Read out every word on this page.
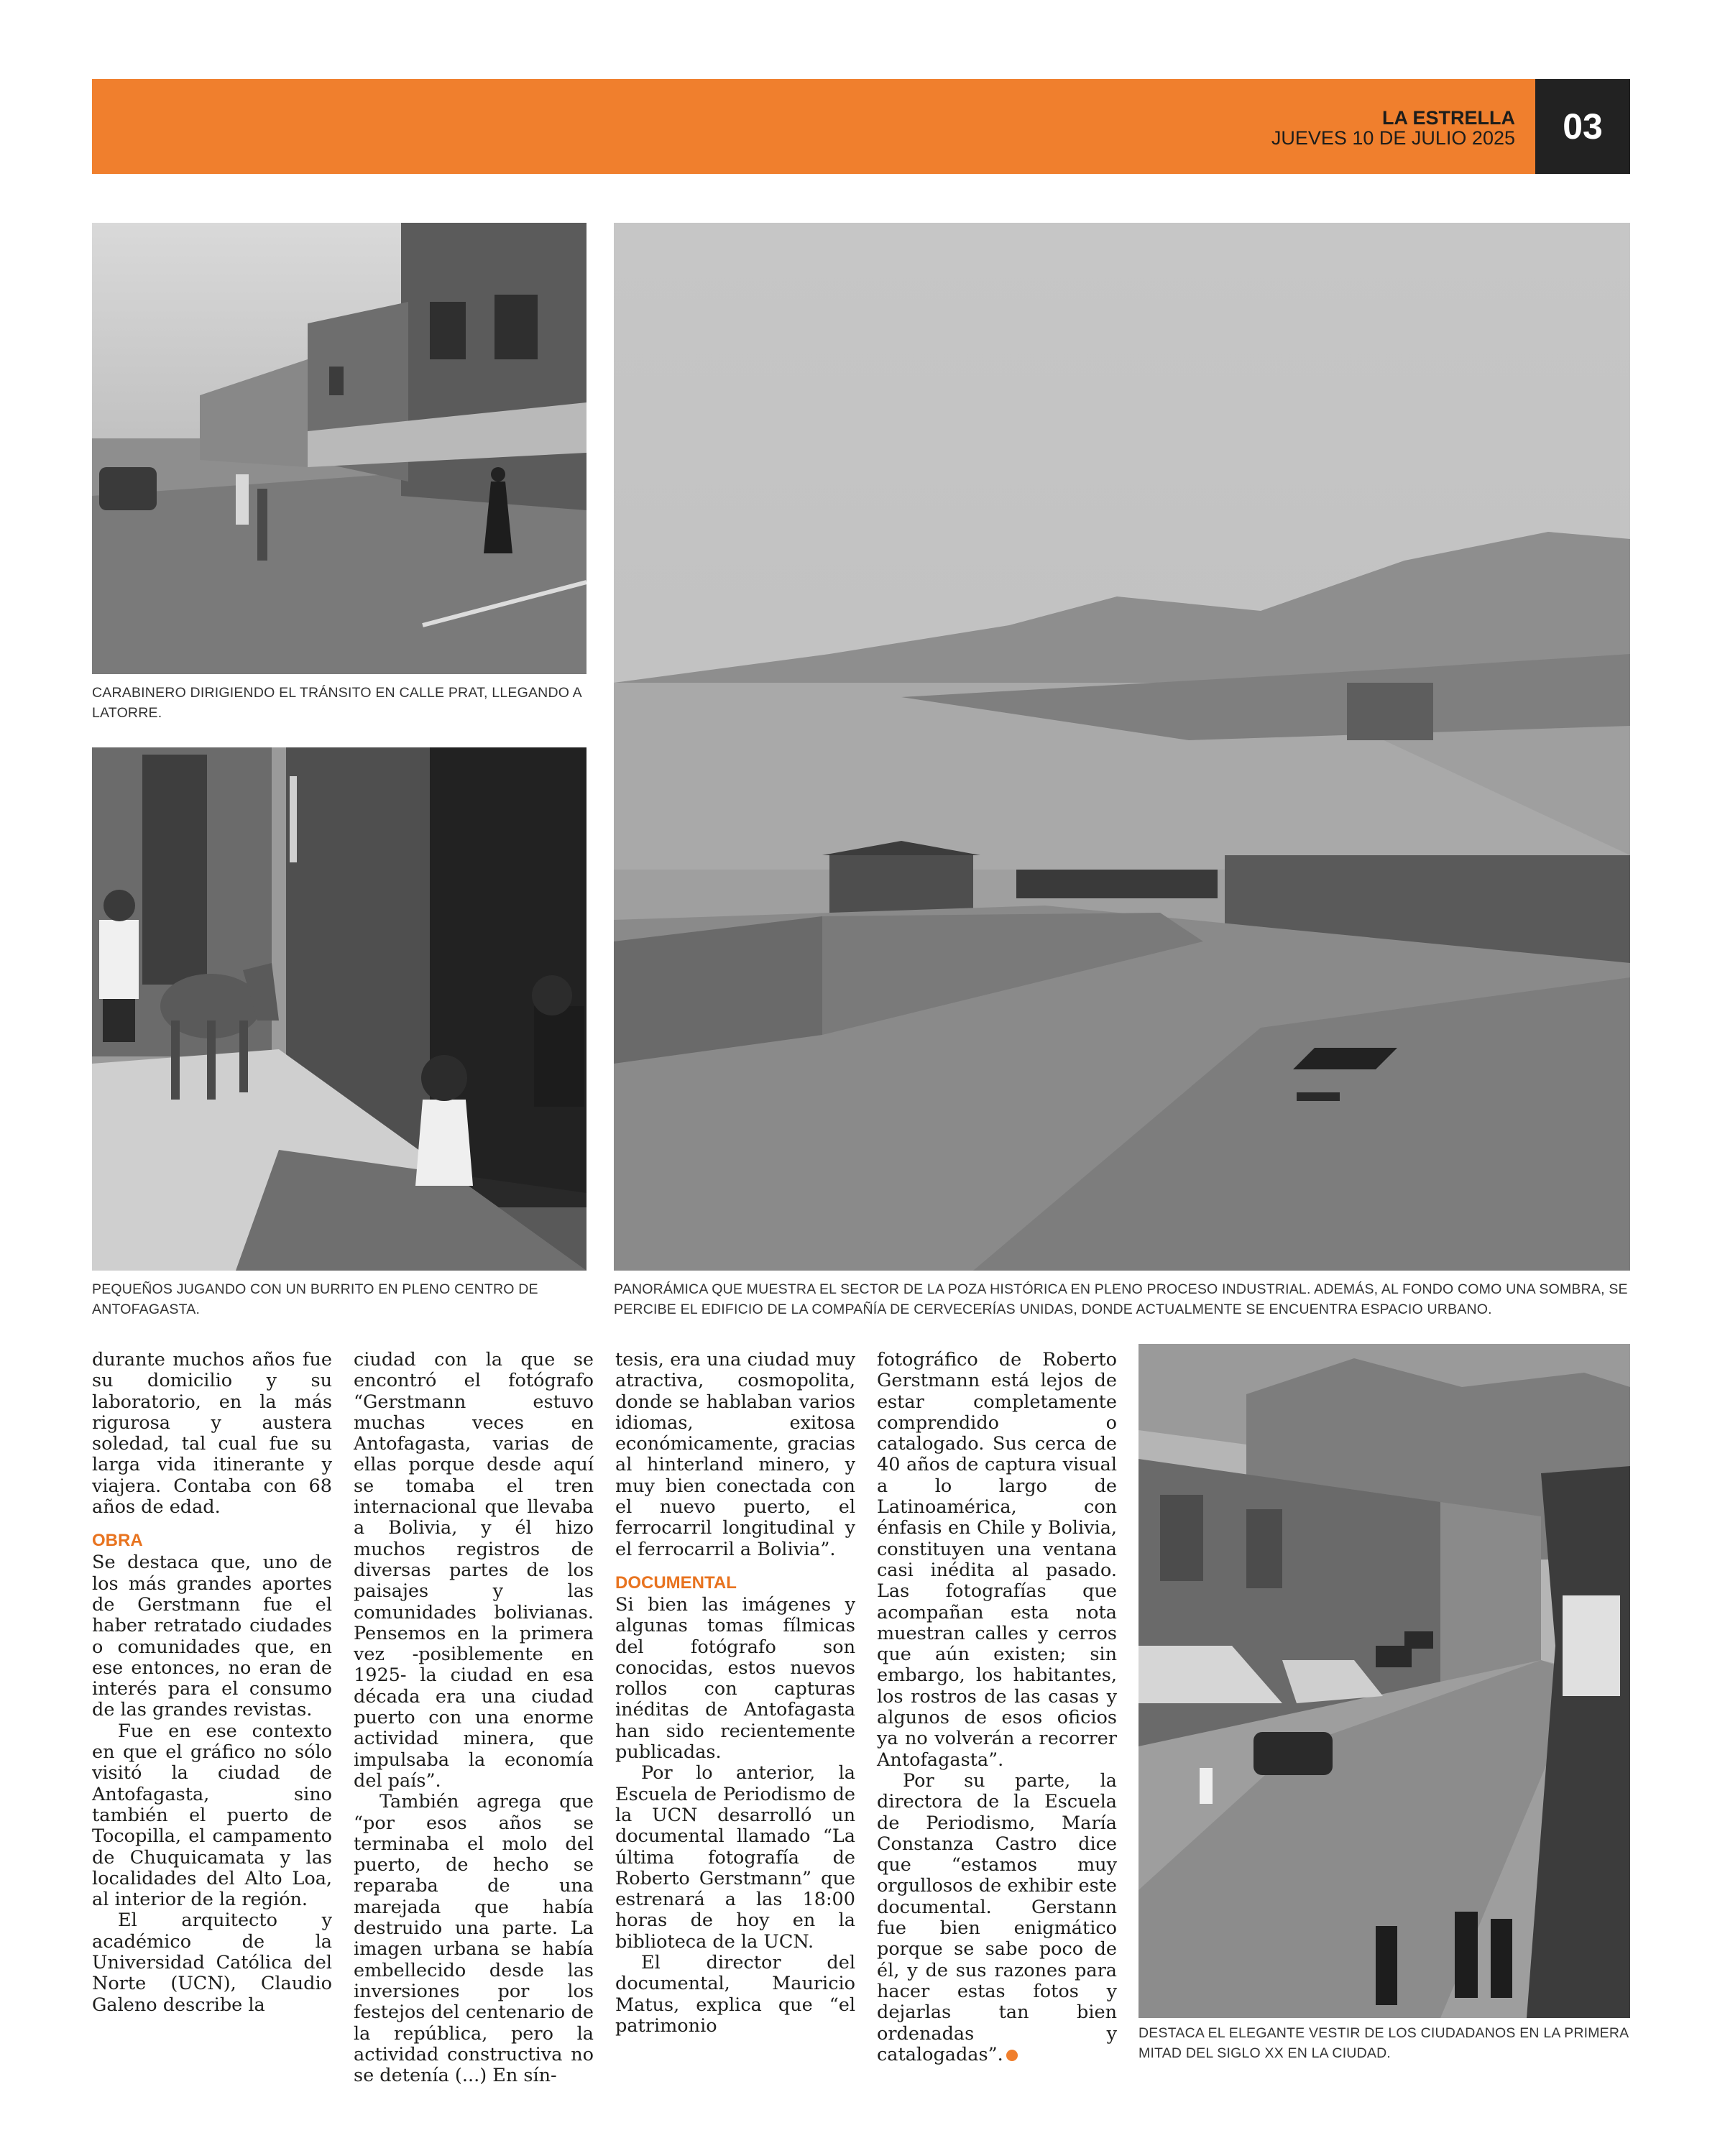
LA ESTRELLA
JUEVES 10 DE JULIO 2025	03
CARABINERO DIRIGIENDO EL TRÁNSITO EN CALLE PRAT, LLEGANDO A LATORRE.
PEQUEÑOS JUGANDO CON UN BURRITO EN PLENO CENTRO DE ANTOFAGASTA.
PANORÁMICA QUE MUESTRA EL SECTOR DE LA POZA HISTÓRICA EN PLENO PROCESO INDUSTRIAL. ADEMÁS, AL FONDO COMO UNA SOMBRA, SE PERCIBE EL EDIFICIO DE LA COMPAÑÍA DE CERVECERÍAS UNIDAS, DONDE ACTUALMENTE SE ENCUENTRA ESPACIO URBANO.
DESTACA EL ELEGANTE VESTIR DE LOS CIUDADANOS EN LA PRIMERA MITAD DEL SIGLO XX EN LA CIUDAD.

durante muchos años fue su domicilio y su laboratorio, en la más rigurosa y austera soledad, tal cual fue su larga vida itinerante y viajera. Contaba con 68 años de edad.

OBRA

Se destaca que, uno de los más grandes aportes de Gerstmann fue el haber retratado ciudades o comunidades que, en ese entonces, no eran de interés para el consumo de las grandes revistas.

Fue en ese contexto en que el gráfico no sólo visitó la ciudad de Antofagasta, sino también el puerto de Tocopilla, el campamento de Chuquicamata y las localidades del Alto Loa, al interior de la región.

El arquitecto y académico de la Universidad Católica del Norte (UCN), Claudio Galeno describe la

ciudad con la que se encontró el fotógrafo “Gerstmann estuvo muchas veces en Antofagasta, varias de ellas porque desde aquí se tomaba el tren internacional que llevaba a Bolivia, y él hizo muchos registros de diversas partes de los paisajes y las comunidades bolivianas. Pensemos en la primera vez -posiblemente en 1925- la ciudad en esa década era una ciudad puerto con una enorme actividad minera, que impulsaba la economía del país”.

También agrega que “por esos años se terminaba el molo del puerto, de hecho se reparaba de una marejada que había destruido una parte. La imagen urbana se había embellecido desde las inversiones por los festejos del centenario de la república, pero la actividad constructiva no se detenía (...) En sín-

tesis, era una ciudad muy atractiva, cosmopolita, donde se hablaban varios idiomas, exitosa económicamente, gracias al hinterland minero, y muy bien conectada con el nuevo puerto, el ferrocarril longitudinal y el ferrocarril a Bolivia”.

DOCUMENTAL

Si bien las imágenes y algunas tomas fílmicas del fotógrafo son conocidas, estos nuevos rollos con capturas inéditas de Antofagasta han sido recientemente publicadas.

Por lo anterior, la Escuela de Periodismo de la UCN desarrolló un documental llamado “La última fotografía de Roberto Gerstmann” que estrenará a las 18:00 horas de hoy en la biblioteca de la UCN.

El director del documental, Mauricio Matus, explica que “el patrimonio

fotográfico de Roberto Gerstmann está lejos de estar completamente comprendido o catalogado. Sus cerca de 40 años de captura visual a lo largo de Latinoamérica, con énfasis en Chile y Bolivia, constituyen una ventana casi inédita al pasado. Las fotografías que acompañan esta nota muestran calles y cerros que aún existen; sin embargo, los habitantes, los rostros de las casas y algunos de esos oficios ya no volverán a recorrer Antofagasta”.

Por su parte, la directora de la Escuela de Periodismo, María Constanza Castro dice que “estamos muy orgullosos de exhibir este documental. Gerstann fue bien enigmático porque se sabe poco de él, y de sus razones para hacer estas fotos y dejarlas tan bien ordenadas y catalogadas”.
